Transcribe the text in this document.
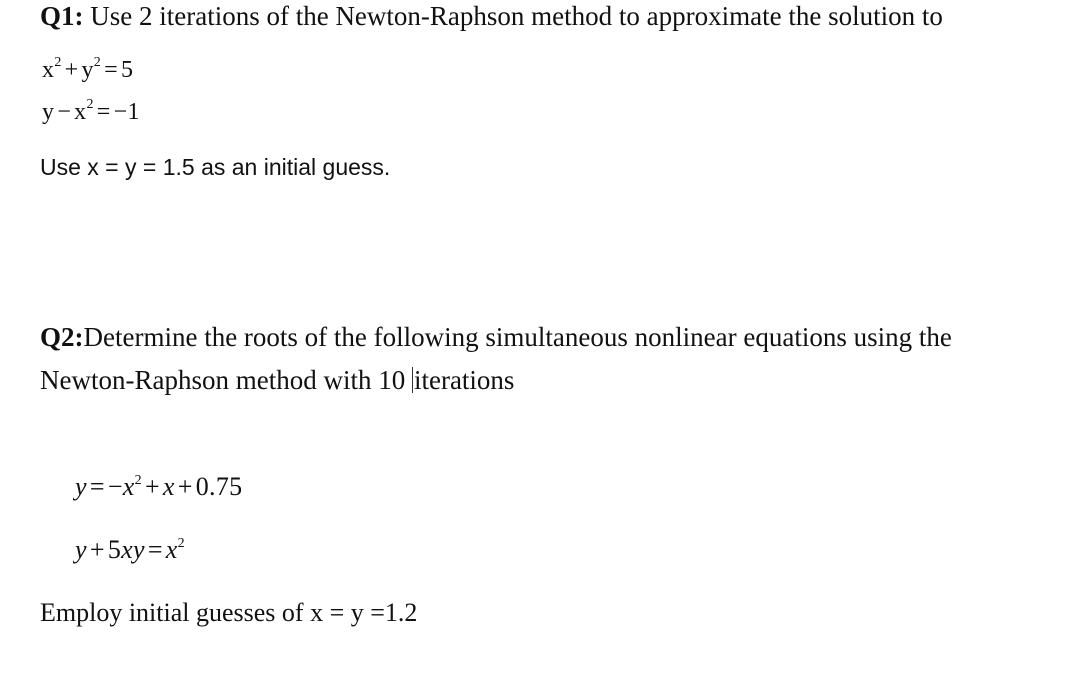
Q1: Use 2 iterations of the Newton-Raphson method to approximate the solution to
$x^2 + y^2 = 5$
$y - x^2 = -1$
Use x = y = 1.5 as an initial guess.
Q2:Determine the roots of the following simultaneous nonlinear equations using the
Newton-Raphson method with 10 iterations
$y = -x^2 + x + 0.75$
$y + 5xy = x^2$
Employ initial guesses of x = y =1.2
